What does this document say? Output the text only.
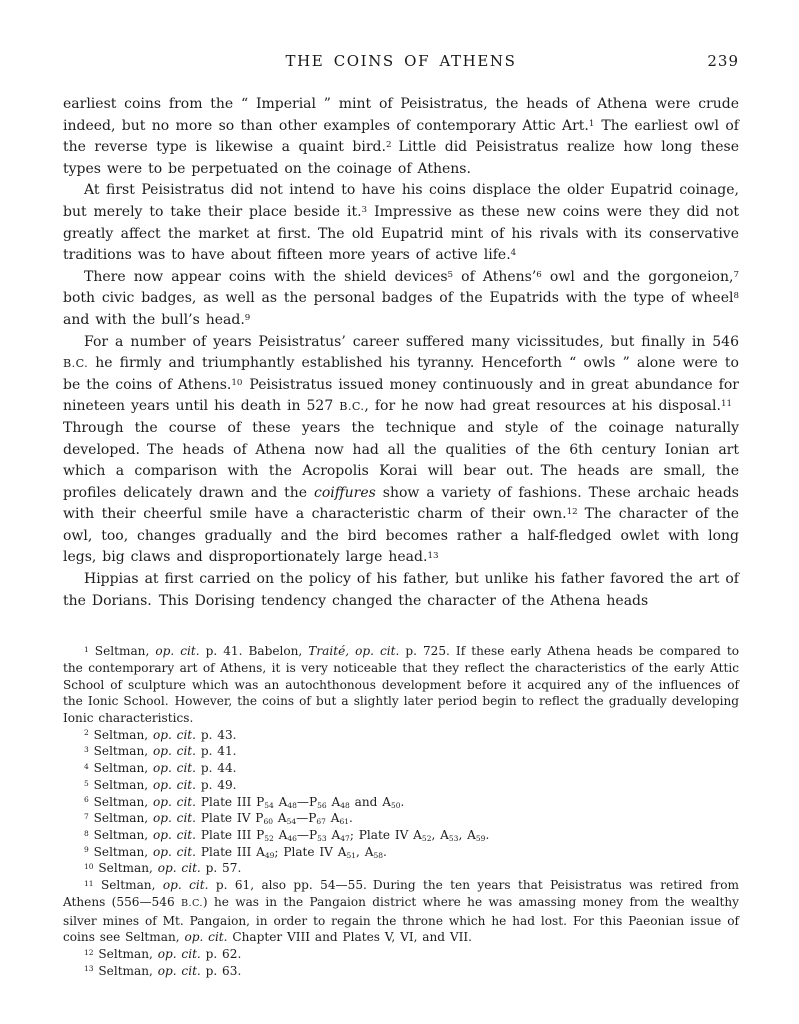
THE COINS OF ATHENS	239

earliest coins from the “ Imperial ” mint of Peisistratus, the heads of Athena were crude indeed, but no more so than other examples of contemporary Attic Art.$^1$ The earliest owl of the reverse type is likewise a quaint bird.$^2$ Little did Peisistratus realize how long these types were to be perpetuated on the coinage of Athens.

At first Peisistratus did not intend to have his coins displace the older Eupatrid coinage, but merely to take their place beside it.$^3$ Impressive as these new coins were they did not greatly affect the market at first. The old Eupatrid mint of his rivals with its conservative traditions was to have about fifteen more years of active life.$^4$

There now appear coins with the shield devices$^5$ of Athens’$^6$ owl and the gorgoneion,$^7$ both civic badges, as well as the personal badges of the Eupatrids with the type of wheel$^8$ and with the bull’s head.$^9$

For a number of years Peisistratus’ career suffered many vicissitudes, but finally in 546 B.C. he firmly and triumphantly established his tyranny. Henceforth “ owls ” alone were to be the coins of Athens.$^{10}$ Peisistratus issued money continuously and in great abundance for nineteen years until his death in 527 B.C., for he now had great resources at his disposal.$^{11}$ Through the course of these years the technique and style of the coinage naturally developed. The heads of Athena now had all the qualities of the 6th century Ionian art which a comparison with the Acropolis Korai will bear out. The heads are small, the profiles delicately drawn and the coiffures show a variety of fashions. These archaic heads with their cheerful smile have a characteristic charm of their own.$^{12}$ The character of the owl, too, changes gradually and the bird becomes rather a half-fledged owlet with long legs, big claws and disproportionately large head.$^{13}$

Hippias at first carried on the policy of his father, but unlike his father favored the art of the Dorians. This Dorising tendency changed the character of the Athena heads

$^1$ Seltman, op. cit. p. 41. Babelon, Traité, op. cit. p. 725. If these early Athena heads be compared to the contemporary art of Athens, it is very noticeable that they reflect the characteristics of the early Attic School of sculpture which was an autochthonous development before it acquired any of the influences of the Ionic School. However, the coins of but a slightly later period begin to reflect the gradually developing Ionic characteristics.

$^2$ Seltman, op. cit. p. 43.

$^3$ Seltman, op. cit. p. 41.

$^4$ Seltman, op. cit. p. 44.

$^5$ Seltman, op. cit. p. 49.

$^6$ Seltman, op. cit. Plate III $P_{54}$ $A_{48}—P_{56}$ $A_{48}$ and $A_{50}$.

$^7$ Seltman, op. cit. Plate IV $P_{60}$ $A_{54}—P_{67}$ $A_{61}$.

$^8$ Seltman, op. cit. Plate III $P_{52}$ $A_{46}—P_{53}$ $A_{47}$; Plate IV $A_{52}$, $A_{53}$, $A_{59}$.

$^9$ Seltman, op. cit. Plate III $A_{49}$; Plate IV $A_{51}$, $A_{58}$.

$^{10}$ Seltman, op. cit. p. 57.

$^{11}$ Seltman, op. cit. p. 61, also pp. 54—55. During the ten years that Peisistratus was retired from Athens (556—546 B.C.) he was in the Pangaion district where he was amassing money from the wealthy silver mines of Mt. Pangaion, in order to regain the throne which he had lost. For this Paeonian issue of coins see Seltman, op. cit. Chapter VIII and Plates V, VI, and VII.

$^{12}$ Seltman, op. cit. p. 62.

$^{13}$ Seltman, op. cit. p. 63.
